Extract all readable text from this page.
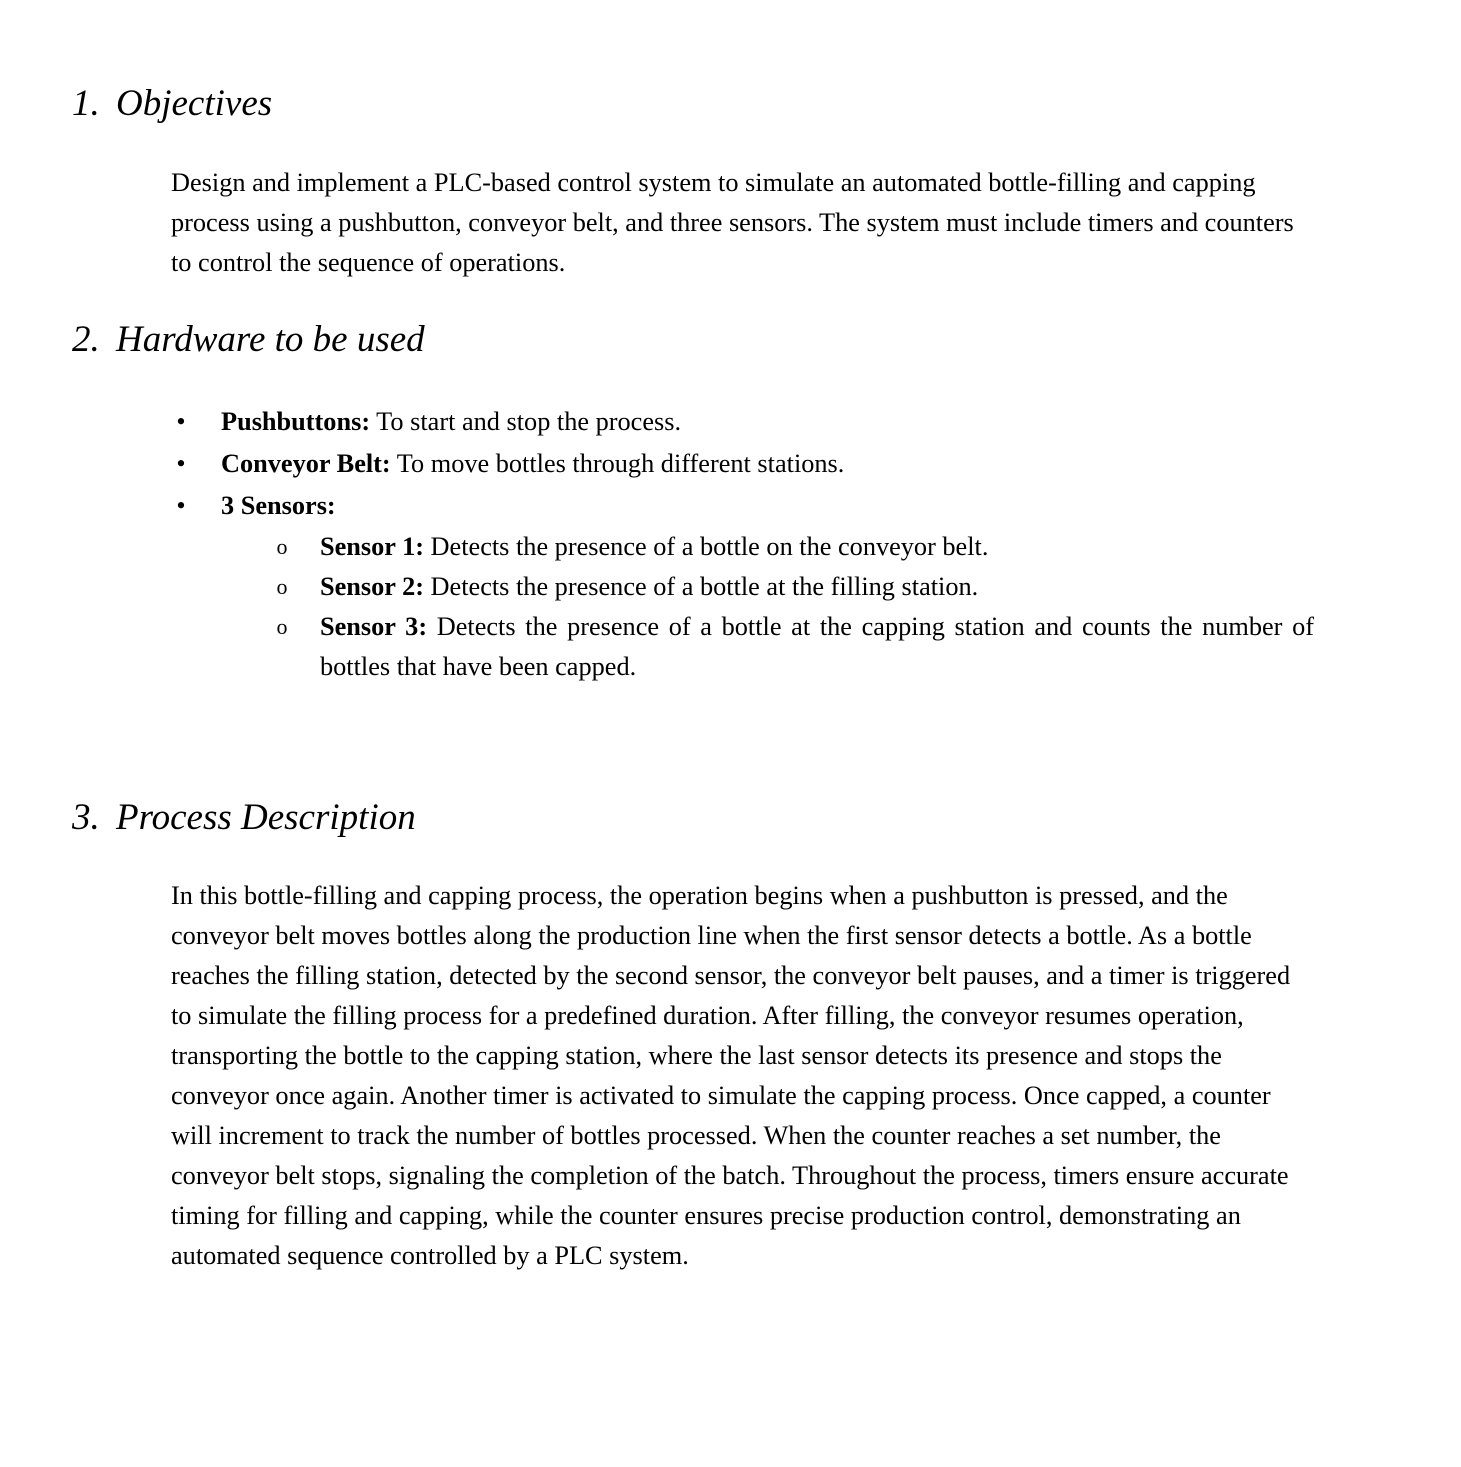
1. Objectives
Design and implement a PLC-based control system to simulate an automated bottle-filling and capping process using a pushbutton, conveyor belt, and three sensors. The system must include timers and counters to control the sequence of operations.
2. Hardware to be used
• Pushbuttons: To start and stop the process.
• Conveyor Belt: To move bottles through different stations.
• 3 Sensors:
o Sensor 1: Detects the presence of a bottle on the conveyor belt.
o Sensor 2: Detects the presence of a bottle at the filling station.
o Sensor 3: Detects the presence of a bottle at the capping station and counts the number of bottles that have been capped.
3. Process Description
In this bottle-filling and capping process, the operation begins when a pushbutton is pressed, and the conveyor belt moves bottles along the production line when the first sensor detects a bottle. As a bottle reaches the filling station, detected by the second sensor, the conveyor belt pauses, and a timer is triggered to simulate the filling process for a predefined duration. After filling, the conveyor resumes operation, transporting the bottle to the capping station, where the last sensor detects its presence and stops the conveyor once again. Another timer is activated to simulate the capping process. Once capped, a counter will increment to track the number of bottles processed. When the counter reaches a set number, the conveyor belt stops, signaling the completion of the batch. Throughout the process, timers ensure accurate timing for filling and capping, while the counter ensures precise production control, demonstrating an automated sequence controlled by a PLC system.
